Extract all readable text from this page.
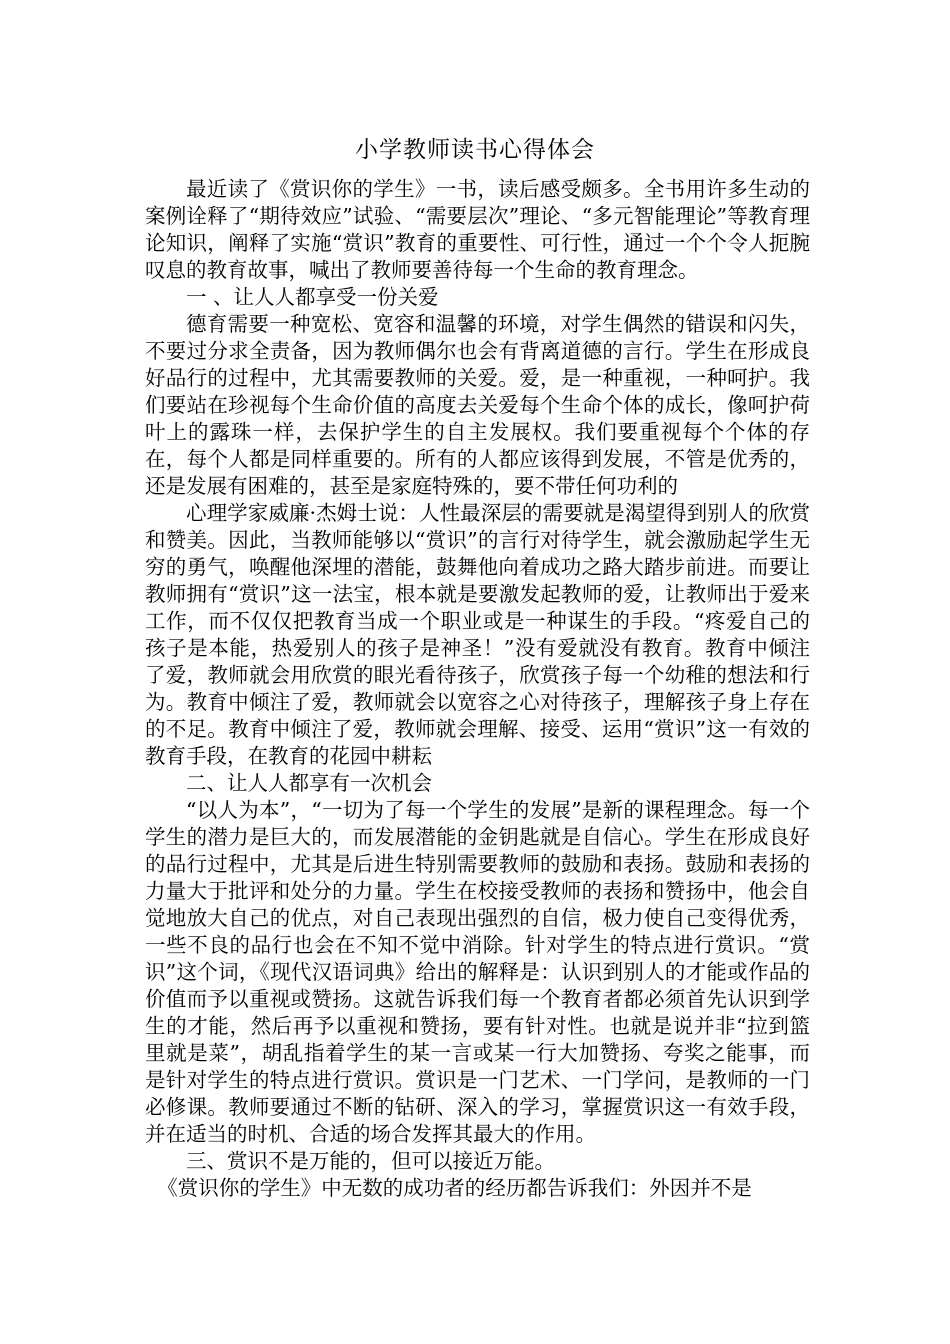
小学教师读书心得体会

最近读了《赏识你的学生》一书，读后感受颇多。全书用许多生动的案例诠释了“期待效应”试验、“需要层次”理论、“多元智能理论”等教育理论知识，阐释了实施“赏识”教育的重要性、可行性，通过一个个令人扼腕叹息的教育故事，喊出了教师要善待每一个生命的教育理念。

一 、让人人都享受一份关爱

德育需要一种宽松、宽容和温馨的环境，对学生偶然的错误和闪失，不要过分求全责备，因为教师偶尔也会有背离道德的言行。学生在形成良好品行的过程中，尤其需要教师的关爱。爱，是一种重视，一种呵护。我们要站在珍视每个生命价值的高度去关爱每个生命个体的成长，像呵护荷叶上的露珠一样，去保护学生的自主发展权。我们要重视每个个体的存在，每个人都是同样重要的。所有的人都应该得到发展，不管是优秀的，还是发展有困难的，甚至是家庭特殊的，要不带任何功利的

心理学家威廉·杰姆士说：人性最深层的需要就是渴望得到别人的欣赏和赞美。因此，当教师能够以“赏识”的言行对待学生，就会激励起学生无穷的勇气，唤醒他深埋的潜能，鼓舞他向着成功之路大踏步前进。而要让教师拥有“赏识”这一法宝，根本就是要激发起教师的爱，让教师出于爱来工作，而不仅仅把教育当成一个职业或是一种谋生的手段。“疼爱自己的孩子是本能，热爱别人的孩子是神圣！”没有爱就没有教育。教育中倾注了爱，教师就会用欣赏的眼光看待孩子，欣赏孩子每一个幼稚的想法和行为。教育中倾注了爱，教师就会以宽容之心对待孩子，理解孩子身上存在的不足。教育中倾注了爱，教师就会理解、接受、运用“赏识”这一有效的教育手段，在教育的花园中耕耘

二、让人人都享有一次机会

“以人为本”，“一切为了每一个学生的发展”是新的课程理念。每一个学生的潜力是巨大的，而发展潜能的金钥匙就是自信心。学生在形成良好的品行过程中，尤其是后进生特别需要教师的鼓励和表扬。鼓励和表扬的力量大于批评和处分的力量。学生在校接受教师的表扬和赞扬中，他会自觉地放大自己的优点，对自己表现出强烈的自信，极力使自己变得优秀，一些不良的品行也会在不知不觉中消除。针对学生的特点进行赏识。“赏识”这个词，《现代汉语词典》给出的解释是：认识到别人的才能或作品的价值而予以重视或赞扬。这就告诉我们每一个教育者都必须首先认识到学生的才能，然后再予以重视和赞扬，要有针对性。也就是说并非“拉到篮里就是菜”，胡乱指着学生的某一言或某一行大加赞扬、夸奖之能事，而是针对学生的特点进行赏识。赏识是一门艺术、一门学问，是教师的一门必修课。教师要通过不断的钻研、深入的学习，掌握赏识这一有效手段，并在适当的时机、合适的场合发挥其最大的作用。

三、赏识不是万能的，但可以接近万能。

《赏识你的学生》中无数的成功者的经历都告诉我们：外因并不是
